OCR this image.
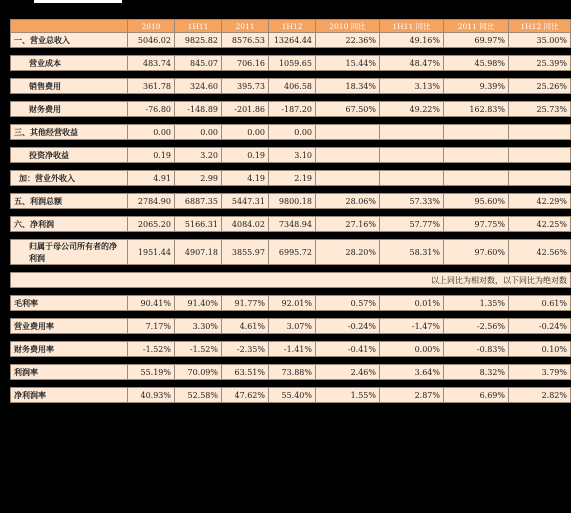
	2010	1H11	2011	1H12	2010 同比	1H11 同比	2011 同比	1H12 同比
一、营业总收入	5046.02	9825.82	8576.53	13264.44	22.36%	49.16%	69.97%	35.00%

营业成本	483.74	845.07	706.16	1059.65	15.44%	48.47%	45.98%	25.39%

销售费用	361.78	324.60	395.73	406.58	18.34%	3.13%	9.39%	25.26%

财务费用	-76.80	-148.89	-201.86	-187.20	67.50%	49.22%	162.83%	25.73%

三、其他经营收益	0.00	0.00	0.00	0.00				

投资净收益	0.19	3.20	0.19	3.10				

加：营业外收入	4.91	2.99	4.19	2.19				

五、利润总额	2784.90	6887.35	5447.31	9800.18	28.06%	57.33%	95.60%	42.29%

六、净利润	2065.20	5166.31	4084.02	7348.94	27.16%	57.77%	97.75%	42.25%

归属于母公司所有者的净利润	1951.44	4907.18	3855.97	6995.72	28.20%	58.31%	97.60%	42.56%

以上同比为相对数，以下同比为绝对数								

毛利率	90.41%	91.40%	91.77%	92.01%	0.57%	0.01%	1.35%	0.61%

营业费用率	7.17%	3.30%	4.61%	3.07%	-0.24%	-1.47%	-2.56%	-0.24%

财务费用率	-1.52%	-1.52%	-2.35%	-1.41%	-0.41%	0.00%	-0.83%	0.10%

利润率	55.19%	70.09%	63.51%	73.88%	2.46%	3.64%	8.32%	3.79%

净利润率	40.93%	52.58%	47.62%	55.40%	1.55%	2.87%	6.69%	2.82%
